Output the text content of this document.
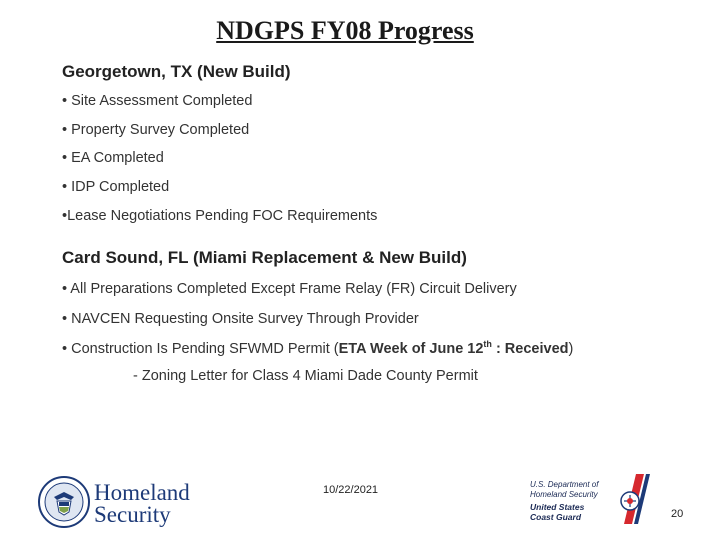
NDGPS FY08 Progress
Georgetown, TX (New Build)
• Site Assessment Completed
• Property Survey Completed
• EA Completed
• IDP Completed
•Lease Negotiations Pending FOC Requirements
Card Sound, FL (Miami Replacement & New Build)
• All Preparations Completed Except Frame Relay (FR) Circuit Delivery
• NAVCEN Requesting Onsite Survey Through Provider
• Construction Is Pending SFWMD Permit (ETA Week of June 12th : Received)
- Zoning Letter for Class 4 Miami Dade County Permit
Homeland
Security
10/22/2021	U.S. Department of
Homeland Security
United States
Coast Guard	20
